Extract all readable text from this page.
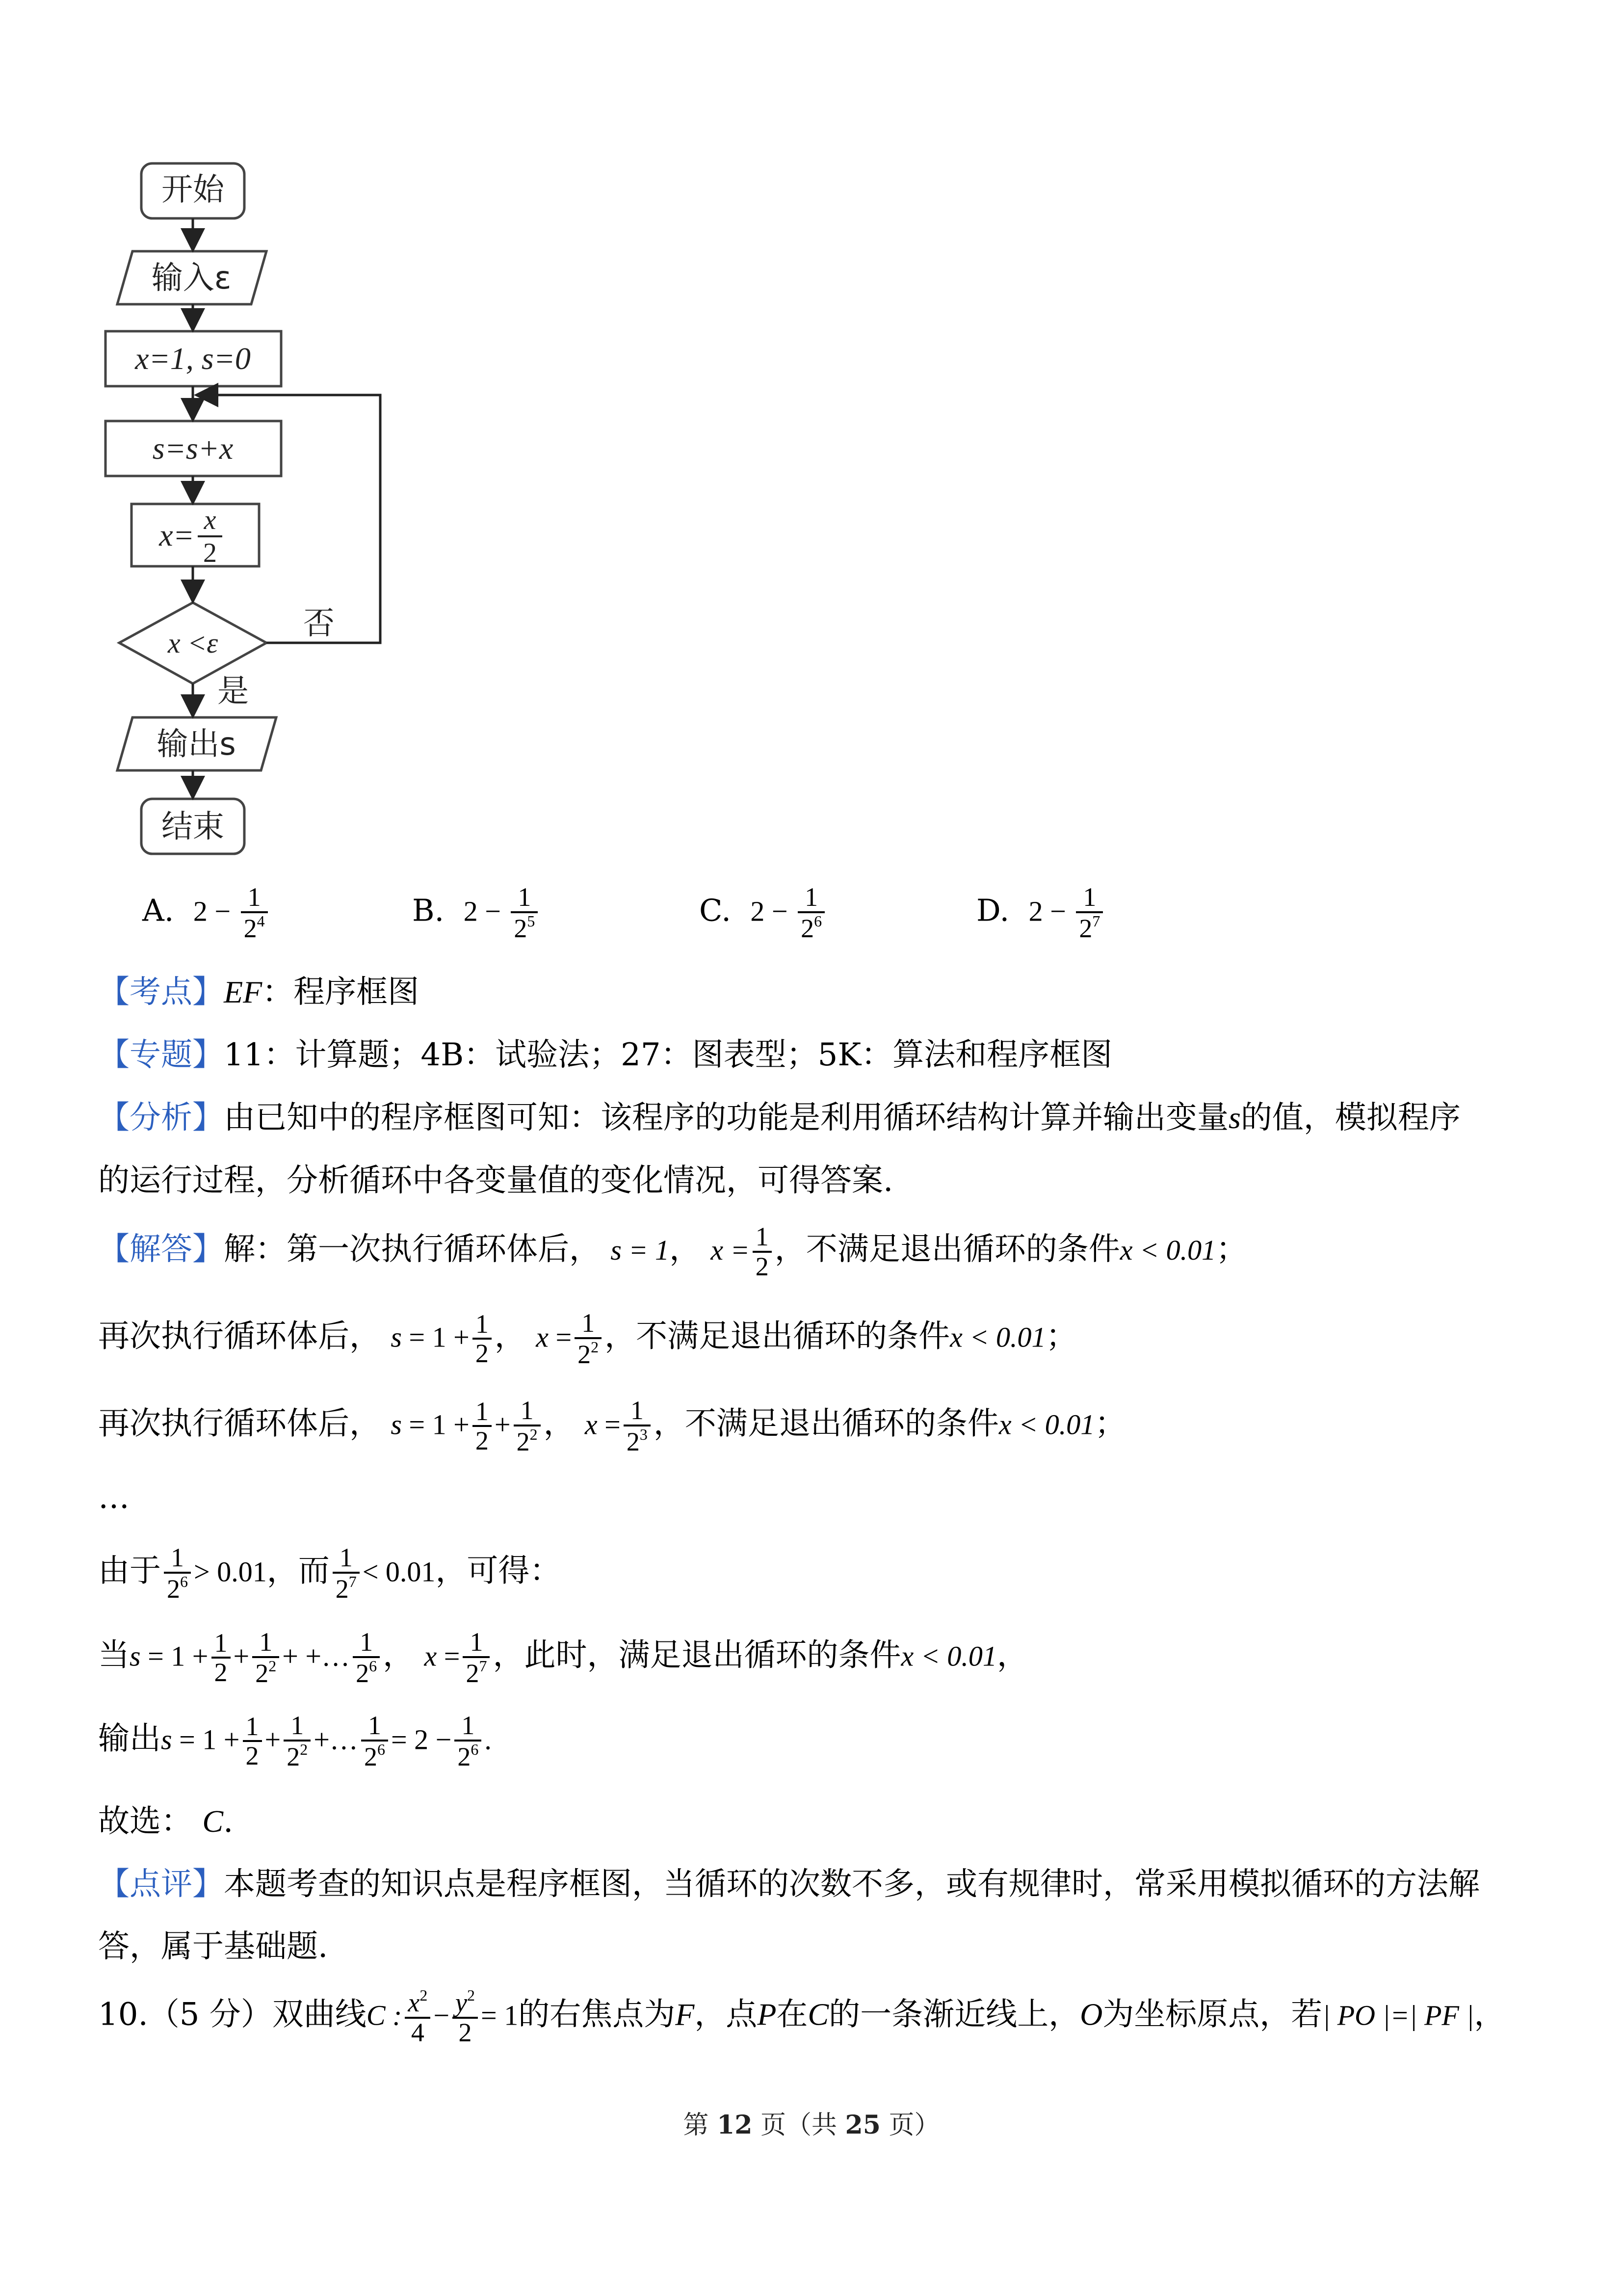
开始
输入ε
x=1, s=0
s=s+x
x= x
2
x <ε
否
是
输出s
结束
A. $2 - \frac{1}{2^4}$	B. $2 - \frac{1}{2^5}$	C. $2 - \frac{1}{2^6}$	D. $2 - \frac{1}{2^7}$
【考点】EF：程序框图
【专题】11：计算题；4B：试验法；27：图表型；5K：算法和程序框图
【分析】由已知中的程序框图可知：该程序的功能是利用循环结构计算并输出变量s的值，模拟程序
的运行过程，分析循环中各变量值的变化情况，可得答案.
【解答】解：第一次执行循环体后， s = 1， $x = \frac{1}{2}$ ，不满足退出循环的条件x < 0.01；
再次执行循环体后， $s = 1 + \frac{1}{2}$ ， $x = \frac{1}{2^2}$ ，不满足退出循环的条件x < 0.01；
再次执行循环体后， $s = 1 + \frac{1}{2} + \frac{1}{2^2}$ ， $x = \frac{1}{2^3}$ ，不满足退出循环的条件x < 0.01；
…
由于 $\frac{1}{2^6} > 0.01$，而 $\frac{1}{2^7} < 0.01$，可得：
当$s = 1 + \frac{1}{2} + \frac{1}{2^2}$ + +… $\frac{1}{2^6}$ ， $x = \frac{1}{2^7}$ ，此时，满足退出循环的条件x < 0.01，
输出$s = 1 + \frac{1}{2} + \frac{1}{2^2}$ +… $\frac{1}{2^6} = 2 - \frac{1}{2^6}$ .
故选： C.
【点评】本题考查的知识点是程序框图，当循环的次数不多，或有规律时，常采用模拟循环的方法解
答，属于基础题.
10.（5 分）双曲线C : $\frac{x^2}{4} - \frac{y^2}{2} = 1$的右焦点为F，点P在C的一条渐近线上，O为坐标原点，若| PO |=| PF |，
第 12 页（共 25 页）
